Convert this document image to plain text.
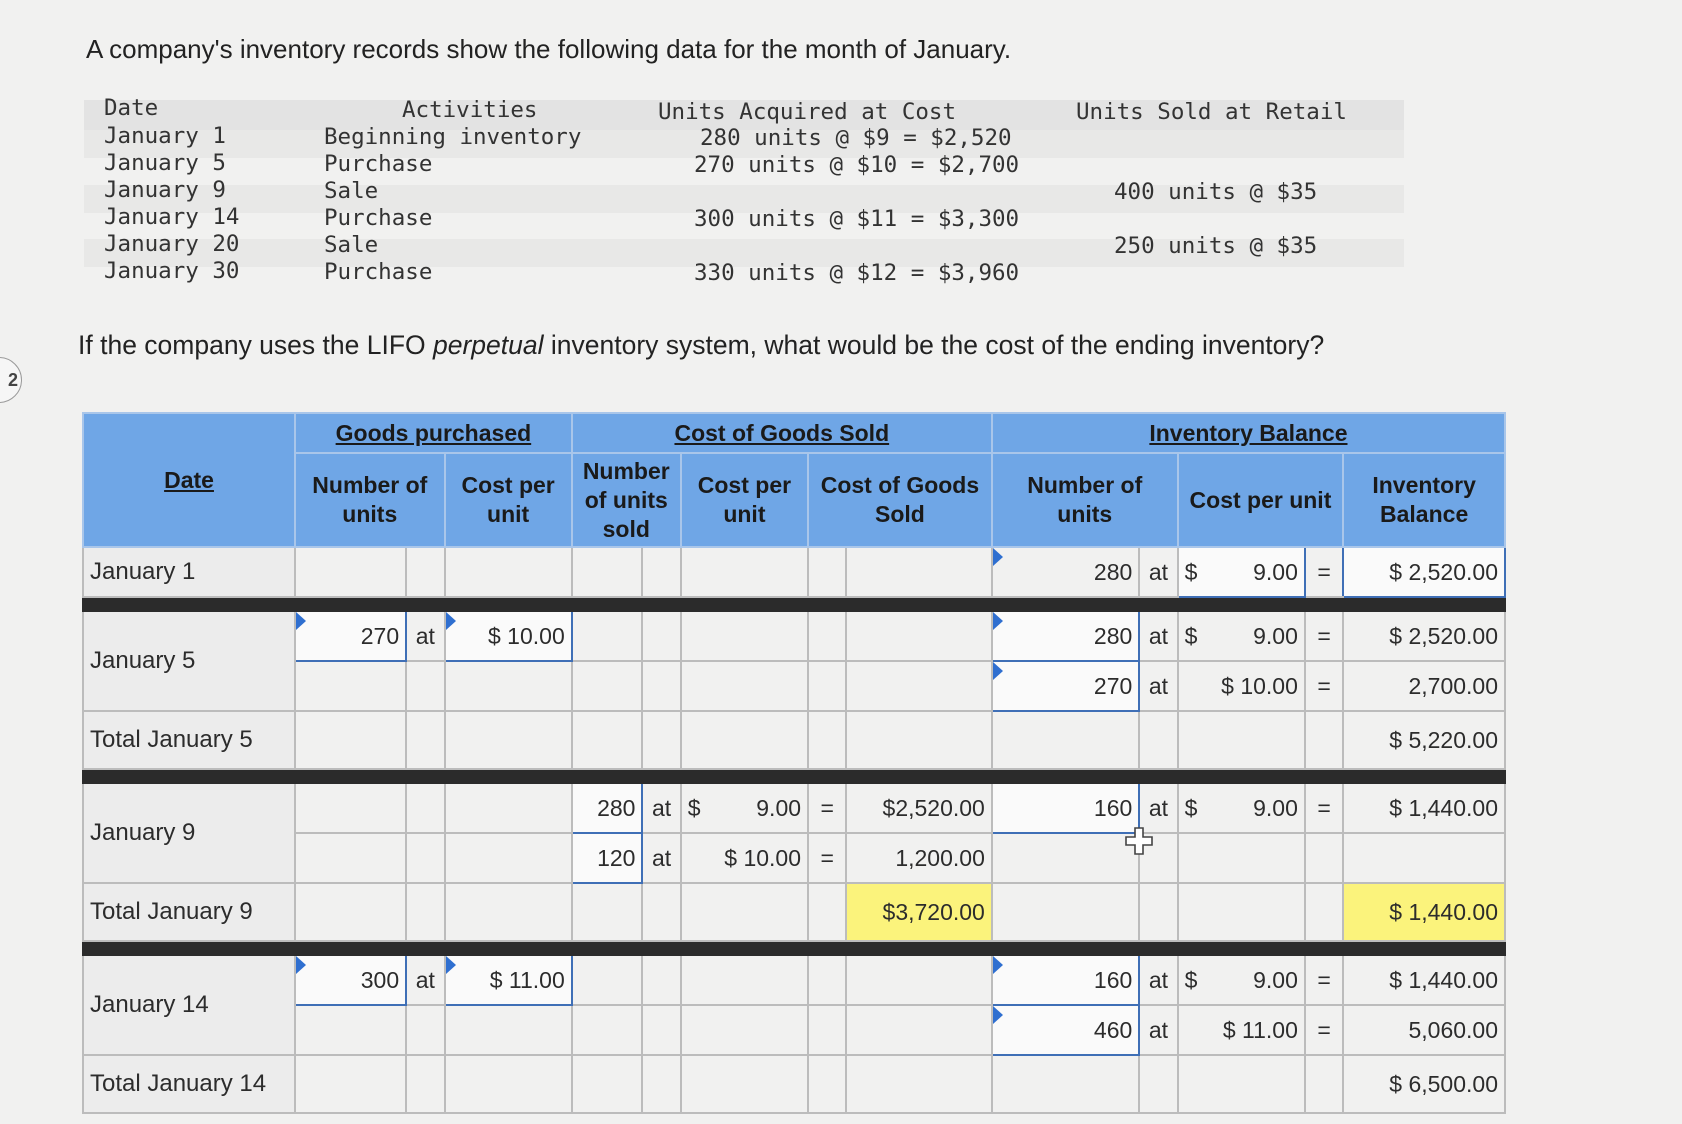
2
A company's inventory records show the following data for the month of January.
Date	Activities	Units Acquired at Cost	Units Sold at Retail
January 1	Beginning inventory	280 units @ $9 = $2,520
January 5	Purchase	270 units @ $10 = $2,700
January 9	Sale	400 units @ $35
January 14	Purchase	300 units @ $11 = $3,300
January 20	Sale	250 units @ $35
January 30	Purchase	330 units @ $12 = $3,960
If the company uses the LIFO perpetual inventory system, what would be the cost of the ending inventory?
Date	Goods purchased			Cost of Goods Sold					Inventory Balance				
	Number of units		Cost per unit	Number of units sold		Cost per unit	Cost of Goods Sold		Number of units		Cost per unit		Inventory Balance
January 1									280	at	$ 9.00	=	$ 2,520.00

January 5	270	at	$ 10.00						280	at	$ 9.00	=	$ 2,520.00
									270	at	$ 10.00	=	2,700.00
Total January 5													$ 5,220.00

January 9				280	at	$ 9.00	=	$2,520.00	160	at	$ 9.00	=	$ 1,440.00
				120	at	$ 10.00	=	1,200.00					
Total January 9								$3,720.00					$ 1,440.00

January 14	300	at	$ 11.00						160	at	$ 9.00	=	$ 1,440.00
									460	at	$ 11.00	=	5,060.00
Total January 14													$ 6,500.00
